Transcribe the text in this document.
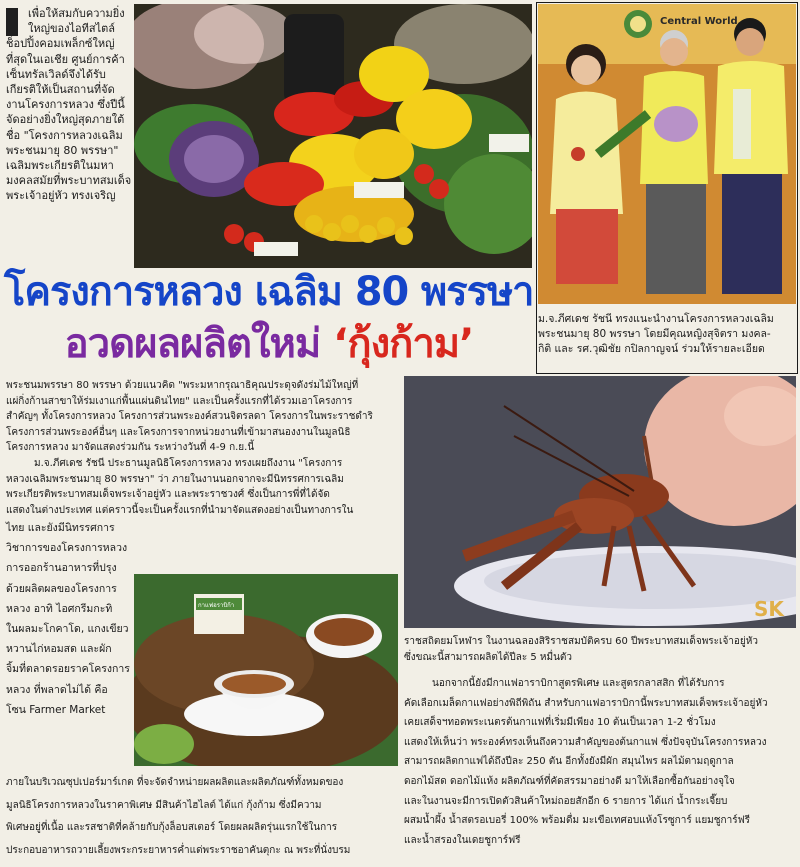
เพื่อให้สมกับความยิ่ง

ใหญ่ของไอทีสไตล์

ช็อปปิ้งคอมเพล็กซ์ใหญ่

ที่สุดในเอเชีย ศูนย์การค้า

เซ็นทรัลเวิลด์จึงได้รับ

เกียรติให้เป็นสถานที่จัด

งานโครงการหลวง ซึ่งปีนี้

จัดอย่างยิ่งใหญ่สุดภายใต้

ชื่อ "โครงการหลวงเฉลิม

พระชนมายุ 80 พรรษา"

เฉลิมพระเกียรติในมหา

มงคลสมัยที่พระบาทสมเด็จ

พระเจ้าอยู่หัว ทรงเจริญ

ม.จ.ภีศเดช รัชนี ทรงแนะนำงานโครงการหลวงเฉลิม
พระชนมายุ 80 พรรษา โดยมีคุณหญิงสุจิตรา มงคล-
กิติ และ รศ.วุฒิชัย กปิลกาญจน์ ร่วมให้รายละเอียด
โครงการหลวง เฉลิม 80 พรรษา
อวดผลผลิตใหม่ ‘กุ้งก้าม’

พระชนมพรรษา 80 พรรษา ด้วยแนวคิด "พระมหากรุณาธิคุณประดุจดังร่มไม้ใหญ่ที่

แผ่กิ่งก้านสาขาให้ร่มเงาแก่พื้นแผ่นดินไทย" และเป็นครั้งแรกที่ได้รวมเอาโครงการ

สำคัญๆ ทั้งโครงการหลวง โครงการส่วนพระองค์สวนจิตรลดา โครงการในพระราชดำริ

โครงการส่วนพระองค์อื่นๆ และโครงการจากหน่วยงานที่เข้ามาสนองงานในมูลนิธิ

โครงการหลวง มาจัดแสดงร่วมกัน ระหว่างวันที่ 4-9 ก.ย.นี้

ม.จ.ภีศเดช รัชนี ประธานมูลนิธิโครงการหลวง ทรงเผยถึงงาน "โครงการ

หลวงเฉลิมพระชนมายุ 80 พรรษา" ว่า ภายในงานนอกจากจะมีนิทรรศการเฉลิม

พระเกียรติพระบาทสมเด็จพระเจ้าอยู่หัว และพระราชวงศ์ ซึ่งเป็นการพี่ที่ได้จัด

แสดงในต่างประเทศ แต่คราวนี้จะเป็นครั้งแรกที่นำมาจัดแสดงอย่างเป็นทางการใน

SK

ไทย และยังมีนิทรรศการ

วิชาการของโครงการหลวง

การออกร้านอาหารที่ปรุง

ด้วยผลิตผลของโครงการ

หลวง อาทิ ไอศกรีมกะทิ

ในผลมะโกคาโด, แกงเขียว

หวานไก่หอมสด และผัก

จิ้มที่ตลาดรอยราคโครงการ

หลวง ที่พลาดไม่ได้ คือ

โซน Farmer Market

กาแฟอราบิก้า

ราชสถิตยมโหฬาร ในงานฉลองสิริราชสมบัติครบ 60 ปีพระบาทสมเด็จพระเจ้าอยู่หัว

ซึ่งขณะนี้สามารถผลิตได้ปีละ 5 หมื่นตัว

นอกจากนี้ยังมีกาแฟอาราบิกาสูตรพิเศษ และสูตรกลาสสิก ที่ได้รับการ

คัดเลือกเมล็ดกาแฟอย่างพิถีพิถัน สำหรับกาแฟอาราบิกานี้พระบาทสมเด็จพระเจ้าอยู่หัว

เคยเสด็จฯทอดพระเนตรต้นกาแฟที่เริ่มมีเพียง 10 ต้นเป็นเวลา 1-2 ชั่วโมง

แสดงให้เห็นว่า พระองค์ทรงเห็นถึงความสำคัญของต้นกาแฟ ซึ่งปัจจุบันโครงการหลวง

สามารถผลิตกาแฟได้ถึงปีละ 250 ตัน อีกทั้งยังมีผัก สมุนไพร ผลไม้ตามฤดูกาล

ดอกไม้สด ดอกไม้แห้ง ผลิตภัณฑ์ที่คัดสรรมาอย่างดี มาให้เลือกซื้อกันอย่างจุใจ

และในงานจะมีการเปิดตัวสินค้าใหม่ถอยสักอีก 6 รายการ ได้แก่ น้ำกระเจี๊ยบ

ผสมน้ำผึ้ง น้ำสตรอเบอรี่ 100% พร้อมดื่ม มะเขือเทศอบแห้งโรซูการ์ แยมชูการ์ฟรี

และน้ำสรองในเดยชูการ์ฟรี

ภายในบริเวณซุปเปอร์มาร์เกต ที่จะจัดจำหน่ายผลผลิตและผลิตภัณฑ์ทั้งหมดของ

มูลนิธิโครงการหลวงในราคาพิเศษ มีสินค้าไฮไลต์ ได้แก่ กุ้งก้าม ซึ่งมีความ

พิเศษอยู่ที่เนื้อ และรสชาติที่คล้ายกับกุ้งล็อบสเตอร์ โดยผลผลิตรุ่นแรกใช้ในการ

ประกอบอาหารถวายเลี้ยงพระกระยาหารค่ำแด่พระราชอาคันตุกะ ณ พระที่นั่งบรม

Central World
